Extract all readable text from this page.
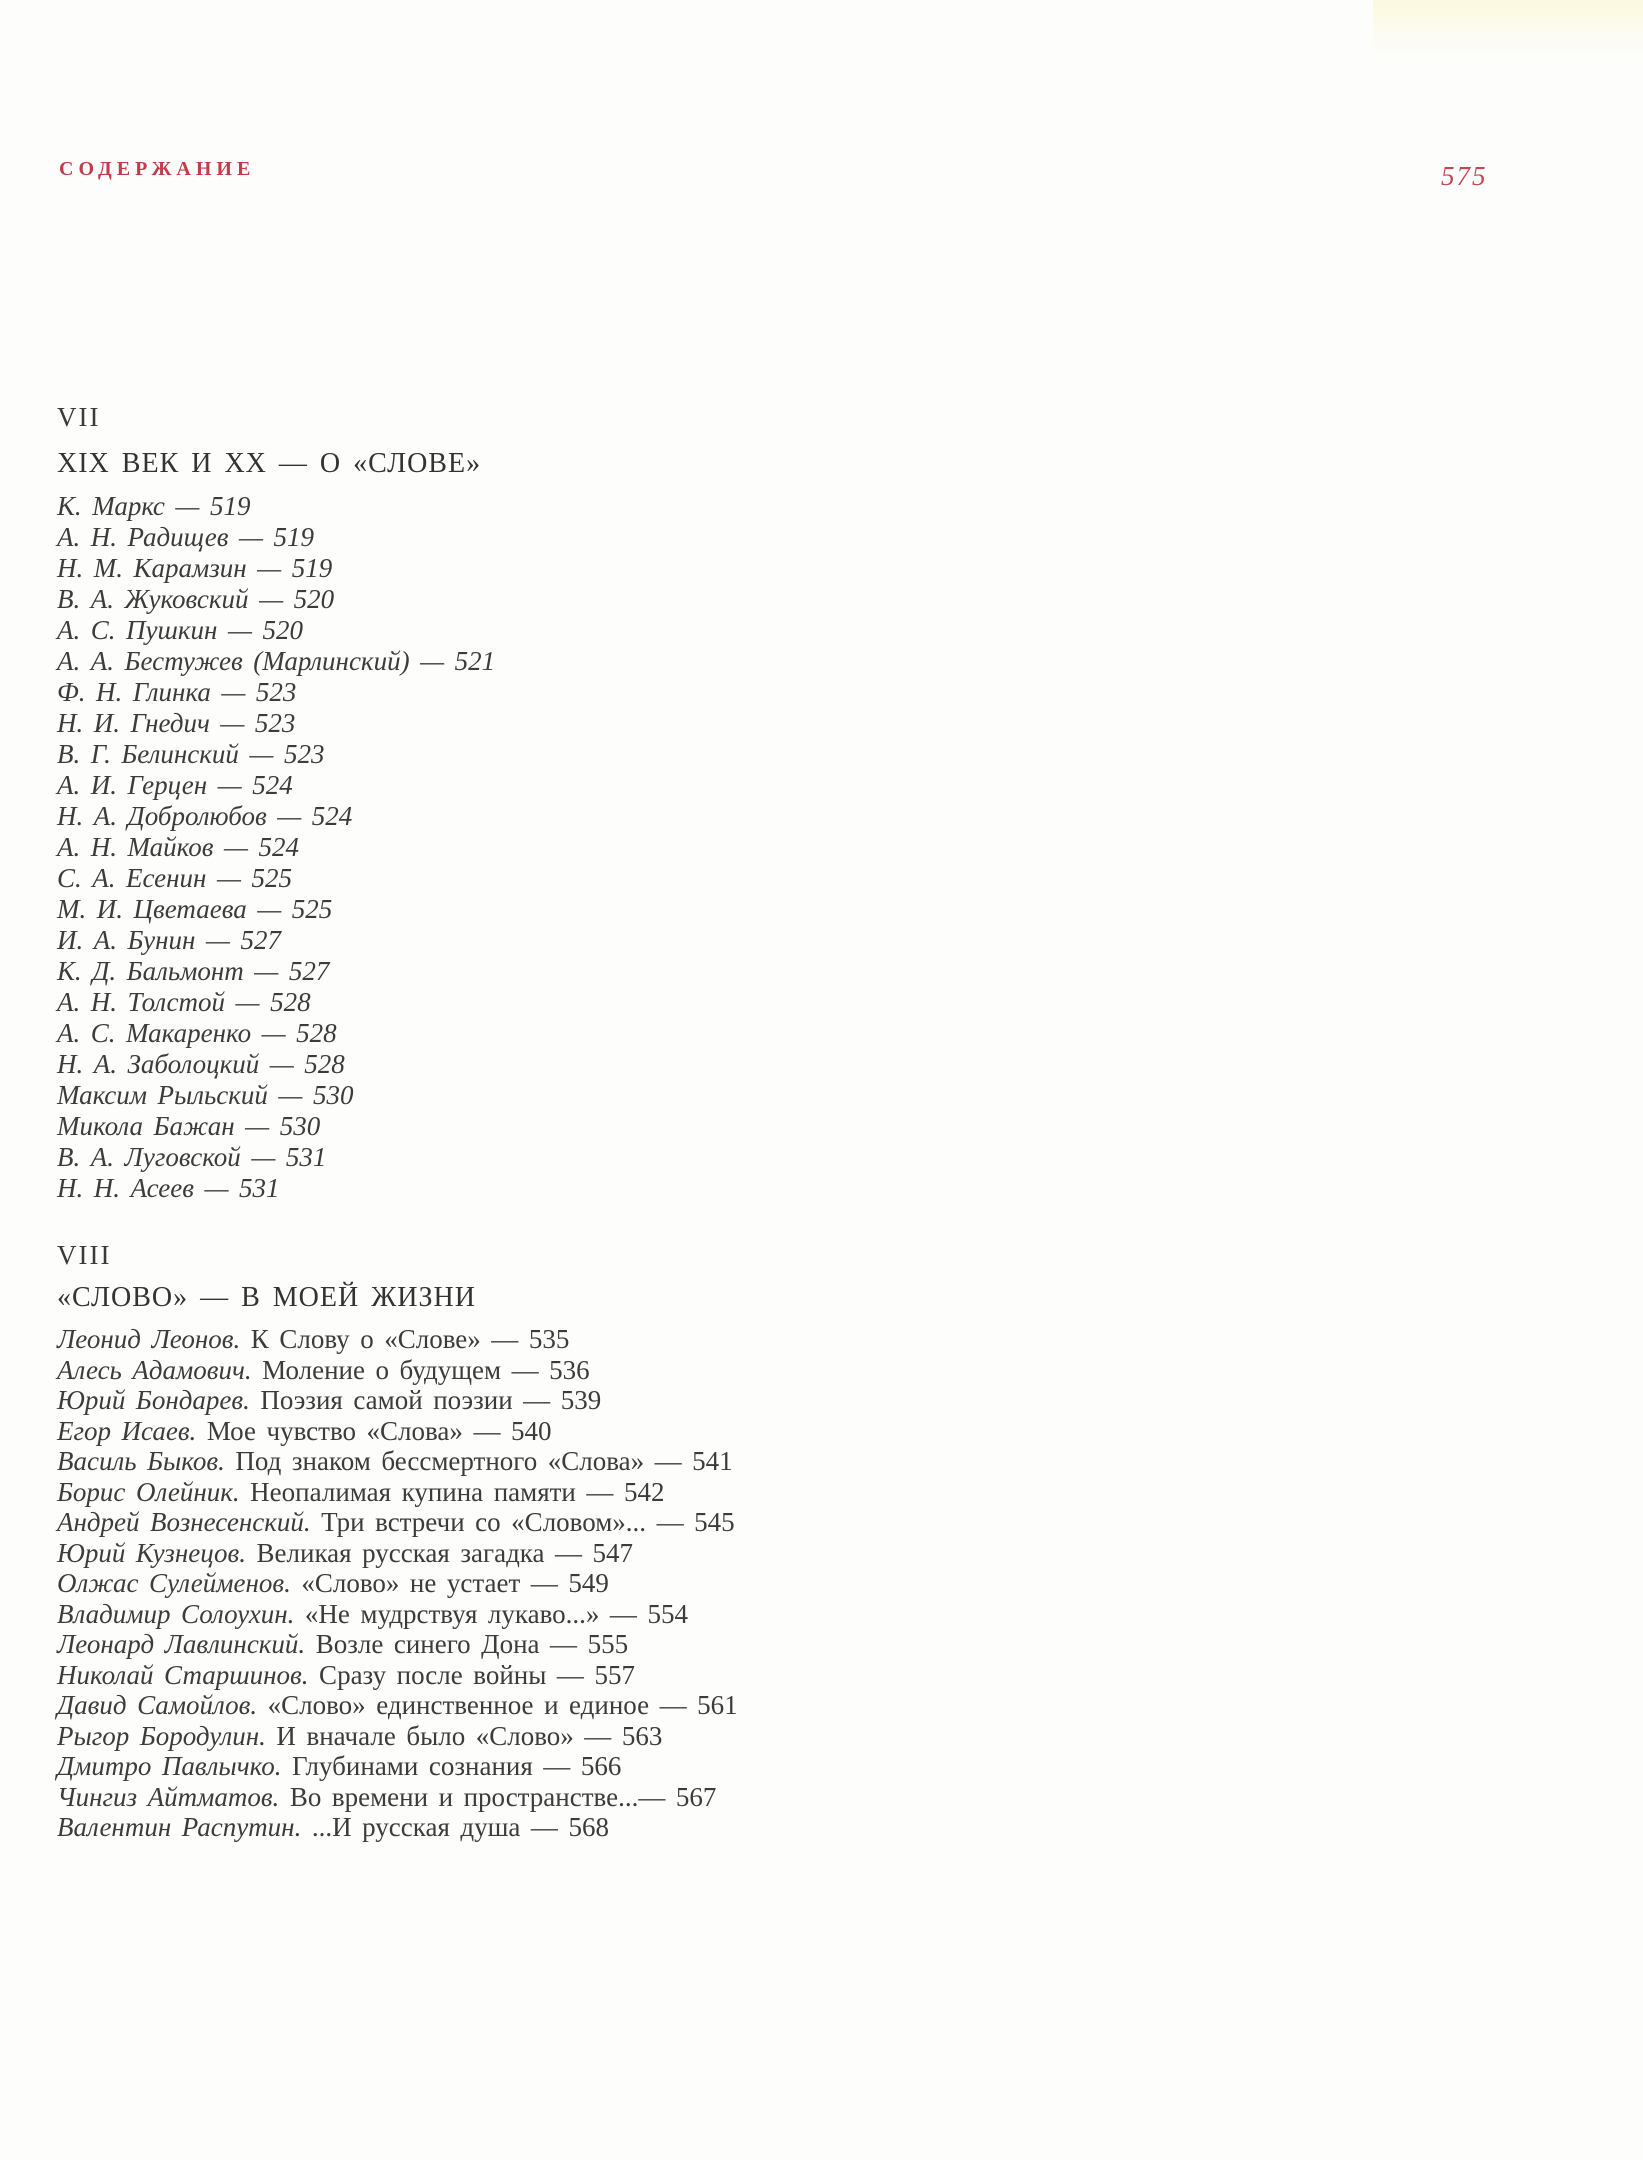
СОДЕРЖАНИЕ	575
VII
XIX ВЕК И XX — О «СЛОВЕ»
К. Маркс — 519
А. Н. Радищев — 519
Н. М. Карамзин — 519
В. А. Жуковский — 520
А. С. Пушкин — 520
А. А. Бестужев (Марлинский) — 521
Ф. Н. Глинка — 523
Н. И. Гнедич — 523
В. Г. Белинский — 523
А. И. Герцен — 524
Н. А. Добролюбов — 524
А. Н. Майков — 524
С. А. Есенин — 525
М. И. Цветаева — 525
И. А. Бунин — 527
К. Д. Бальмонт — 527
А. Н. Толстой — 528
А. С. Макаренко — 528
Н. А. Заболоцкий — 528
Максим Рыльский — 530
Микола Бажан — 530
В. А. Луговской — 531
Н. Н. Асеев — 531
VIII
«СЛОВО» — В МОЕЙ ЖИЗНИ
Леонид Леонов. К Слову о «Слове» — 535
Алесь Адамович. Моление о будущем — 536
Юрий Бондарев. Поэзия самой поэзии — 539
Егор Исаев. Мое чувство «Слова» — 540
Василь Быков. Под знаком бессмертного «Слова» — 541
Борис Олейник. Неопалимая купина памяти — 542
Андрей Вознесенский. Три встречи со «Словом»... — 545
Юрий Кузнецов. Великая русская загадка — 547
Олжас Сулейменов. «Слово» не устает — 549
Владимир Солоухин. «Не мудрствуя лукаво...» — 554
Леонард Лавлинский. Возле синего Дона — 555
Николай Старшинов. Сразу после войны — 557
Давид Самойлов. «Слово» единственное и единое — 561
Рыгор Бородулин. И вначале было «Слово» — 563
Дмитро Павлычко. Глубинами сознания — 566
Чингиз Айтматов. Во времени и пространстве...— 567
Валентин Распутин. ...И русская душа — 568
